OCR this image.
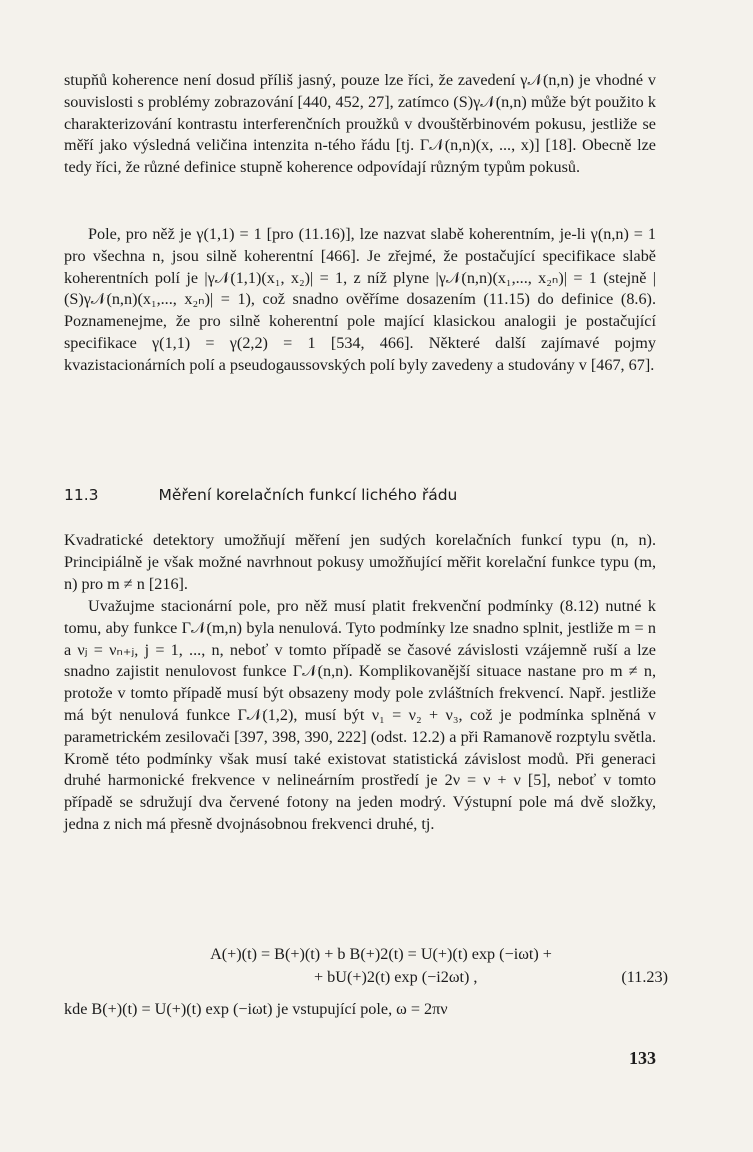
stupňů koherence není dosud příliš jasný, pouze lze říci, že zavedení γ𝒩(n,n) je vhodné v souvislosti s problémy zobrazování [440, 452, 27], zatímco (S)γ𝒩(n,n) může být použito k charakterizování kontrastu interferenčních proužků v dvouštěrbinovém pokusu, jestliže se měří jako výsledná veličina intenzita n-tého řádu [tj. Γ𝒩(n,n)(x, ..., x)] [18]. Obecně lze tedy říci, že různé definice stupně koherence odpovídají různým typům pokusů.

Pole, pro něž je γ(1,1) = 1 [pro (11.16)], lze nazvat slabě koherentním, je-li γ(n,n) = 1 pro všechna n, jsou silně koherentní [466]. Je zřejmé, že postačující specifikace slabě koherentních polí je |γ𝒩(1,1)(x₁, x₂)| = 1, z níž plyne |γ𝒩(n,n)(x₁,..., x₂ₙ)| = 1 (stejně |(S)γ𝒩(n,n)(x₁,..., x₂ₙ)| = 1), což snadno ověříme dosazením (11.15) do definice (8.6). Poznamenejme, že pro silně koherentní pole mající klasickou analogii je postačující specifikace γ(1,1) = γ(2,2) = 1 [534, 466]. Některé další zajímavé pojmy kvazistacionárních polí a pseudogaussovských polí byly zavedeny a studovány v [467, 67].

11.3	Měření korelačních funkcí lichého řádu

Kvadratické detektory umožňují měření jen sudých korelačních funkcí typu (n, n). Principiálně je však možné navrhnout pokusy umožňující měřit korelační funkce typu (m, n) pro m ≠ n [216].

Uvažujme stacionární pole, pro něž musí platit frekvenční podmínky (8.12) nutné k tomu, aby funkce Γ𝒩(m,n) byla nenulová. Tyto podmínky lze snadno splnit, jestliže m = n a νⱼ = νₙ₊ⱼ, j = 1, ..., n, neboť v tomto případě se časové závislosti vzájemně ruší a lze snadno zajistit nenulovost funkce Γ𝒩(n,n). Komplikovanější situace nastane pro m ≠ n, protože v tomto případě musí být obsazeny mody pole zvláštních frekvencí. Např. jestliže má být nenulová funkce Γ𝒩(1,2), musí být ν₁ = ν₂ + ν₃, což je podmínka splněná v parametrickém zesilovači [397, 398, 390, 222] (odst. 12.2) a při Ramanově rozptylu světla. Kromě této podmínky však musí také existovat statistická závislost modů. Při generaci druhé harmonické frekvence v nelineárním prostředí je 2ν = ν + ν [5], neboť v tomto případě se sdružují dva červené fotony na jeden modrý. Výstupní pole má dvě složky, jedna z nich má přesně dvojnásobnou frekvenci druhé, tj.

A(+)(t) = B(+)(t) + b B(+)2(t) = U(+)(t) exp (−iωt) +
+ bU(+)2(t) exp (−i2ωt) ,	(11.23)
kde B(+)(t) = U(+)(t) exp (−iωt) je vstupující pole, ω = 2πν
133
